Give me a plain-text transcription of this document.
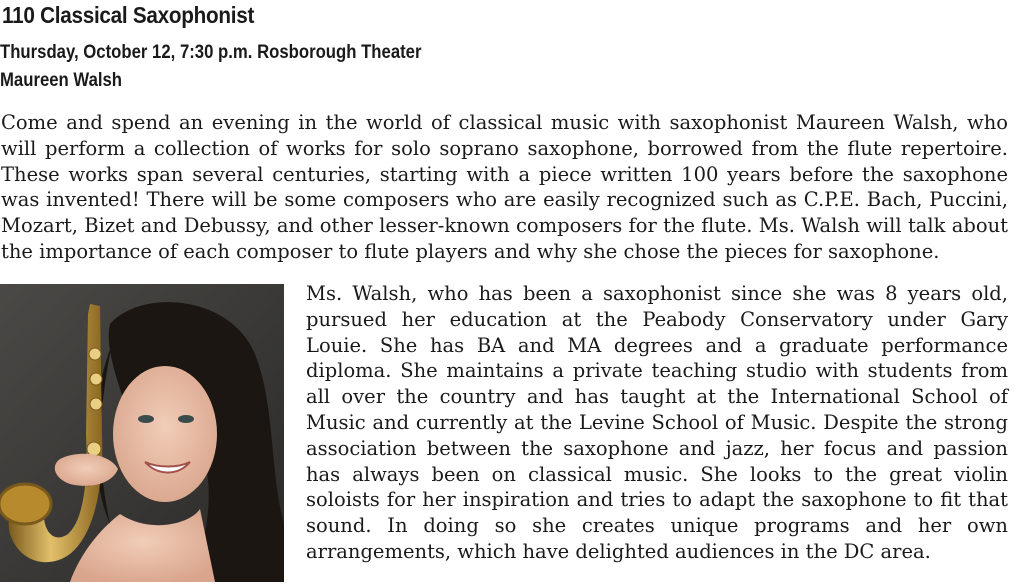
110 Classical Saxophonist
Thursday, October 12, 7:30 p.m. Rosborough Theater
Maureen Walsh

Come and spend an evening in the world of classical music with saxophonist Maureen Walsh, who will perform a collection of works for solo soprano saxophone, borrowed from the flute repertoire. These works span several centuries, starting with a piece written 100 years before the saxophone was invented! There will be some composers who are easily recognized such as C.P.E. Bach, Puccini, Mozart, Bizet and Debussy, and other lesser-known composers for the flute. Ms. Walsh will talk about the importance of each composer to flute players and why she chose the pieces for saxophone.

Ms. Walsh, who has been a saxophonist since she was 8 years old, pursued her education at the Peabody Conservatory under Gary Louie. She has BA and MA degrees and a graduate performance diploma. She maintains a private teaching studio with students from all over the country and has taught at the International School of Music and currently at the Levine School of Music. Despite the strong association between the saxophone and jazz, her focus and passion has always been on classical music. She looks to the great violin soloists for her inspiration and tries to adapt the saxophone to fit that sound. In doing so she creates unique programs and her own arrangements, which have delighted audiences in the DC area.
